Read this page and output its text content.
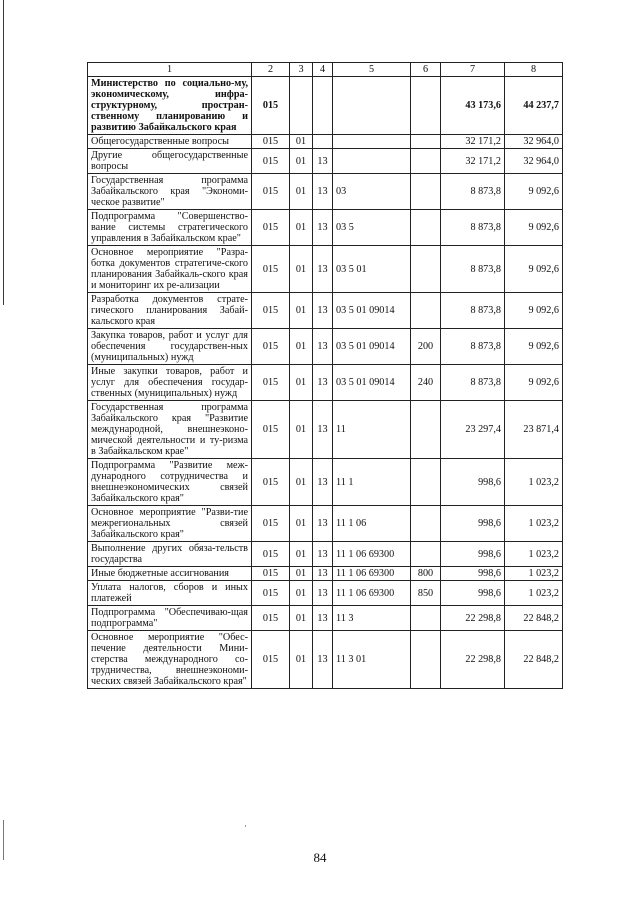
1	2	3	4	5	6	7	8
Министерство по социально-му, экономическому, инфра-структурному, простран-ственному планированию и развитию Забайкальского края	015					43 173,6	44 237,7
Общегосударственные вопросы	015	01				32 171,2	32 964,0
Другие общегосударственные вопросы	015	01	13			32 171,2	32 964,0
Государственная программа Забайкальского края "Экономи-ческое развитие"	015	01	13	03		8 873,8	9 092,6
Подпрограмма "Совершенство-вание системы стратегического управления в Забайкальском крае"	015	01	13	03 5		8 873,8	9 092,6
Основное мероприятие "Разра-ботка документов стратегиче-ского планирования Забайкаль-ского края и мониторинг их ре-ализации	015	01	13	03 5 01		8 873,8	9 092,6
Разработка документов страте-гического планирования Забай-кальского края	015	01	13	03 5 01 09014		8 873,8	9 092,6
Закупка товаров, работ и услуг для обеспечения государствен-ных (муниципальных) нужд	015	01	13	03 5 01 09014	200	8 873,8	9 092,6
Иные закупки товаров, работ и услуг для обеспечения государ-ственных (муниципальных) нужд	015	01	13	03 5 01 09014	240	8 873,8	9 092,6
Государственная программа Забайкальского края "Развитие международной, внешнеэконо-мической деятельности и ту-ризма в Забайкальском крае"	015	01	13	11		23 297,4	23 871,4
Подпрограмма "Развитие меж-дународного сотрудничества и внешнеэкономических связей Забайкальского края"	015	01	13	11 1		998,6	1 023,2
Основное мероприятие "Разви-тие межрегиональных связей Забайкальского края"	015	01	13	11 1 06		998,6	1 023,2
Выполнение других обяза-тельств государства	015	01	13	11 1 06 69300		998,6	1 023,2
Иные бюджетные ассигнования	015	01	13	11 1 06 69300	800	998,6	1 023,2
Уплата налогов, сборов и иных платежей	015	01	13	11 1 06 69300	850	998,6	1 023,2
Подпрограмма "Обеспечиваю-щая подпрограмма"	015	01	13	11 3		22 298,8	22 848,2
Основное мероприятие "Обес-печение деятельности Мини-стерства международного со-трудничества, внешнеэкономи-ческих связей Забайкальского края"	015	01	13	11 3 01		22 298,8	22 848,2
84
